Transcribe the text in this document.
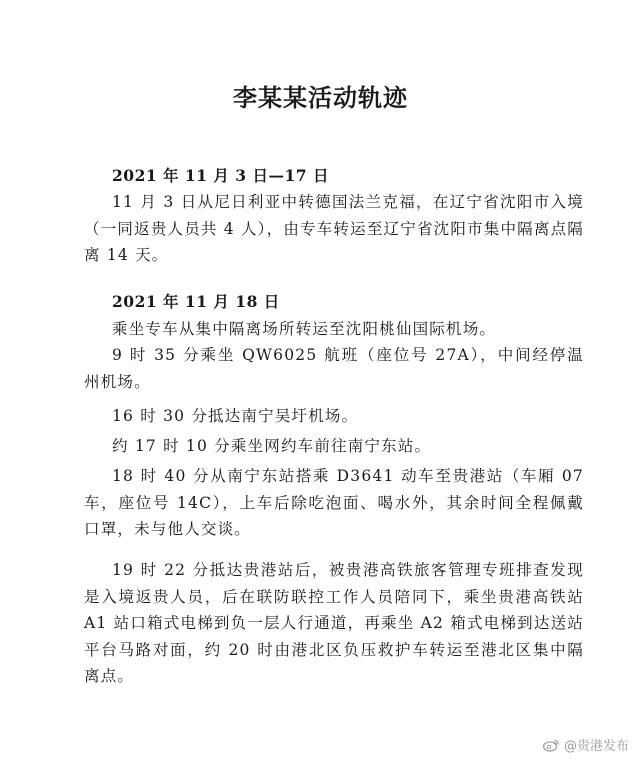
李某某活动轨迹
2021 年 11 月 3 日—17 日
11 月 3 日从尼日利亚中转德国法兰克福，在辽宁省沈阳市入境（一同返贵人员共 4 人），由专车转运至辽宁省沈阳市集中隔离点隔离 14 天。
2021 年 11 月 18 日
乘坐专车从集中隔离场所转运至沈阳桃仙国际机场。
9 时 35 分乘坐 QW6025 航班（座位号 27A），中间经停温州机场。
16 时 30 分抵达南宁吴圩机场。
约 17 时 10 分乘坐网约车前往南宁东站。
18 时 40 分从南宁东站搭乘 D3641 动车至贵港站（车厢 07 车，座位号 14C），上车后除吃泡面、喝水外，其余时间全程佩戴口罩，未与他人交谈。
19 时 22 分抵达贵港站后，被贵港高铁旅客管理专班排查发现是入境返贵人员，后在联防联控工作人员陪同下，乘坐贵港高铁站 A1 站口箱式电梯到负一层人行通道，再乘坐 A2 箱式电梯到达送站平台马路对面，约 20 时由港北区负压救护车转运至港北区集中隔离点。
@贵港发布
